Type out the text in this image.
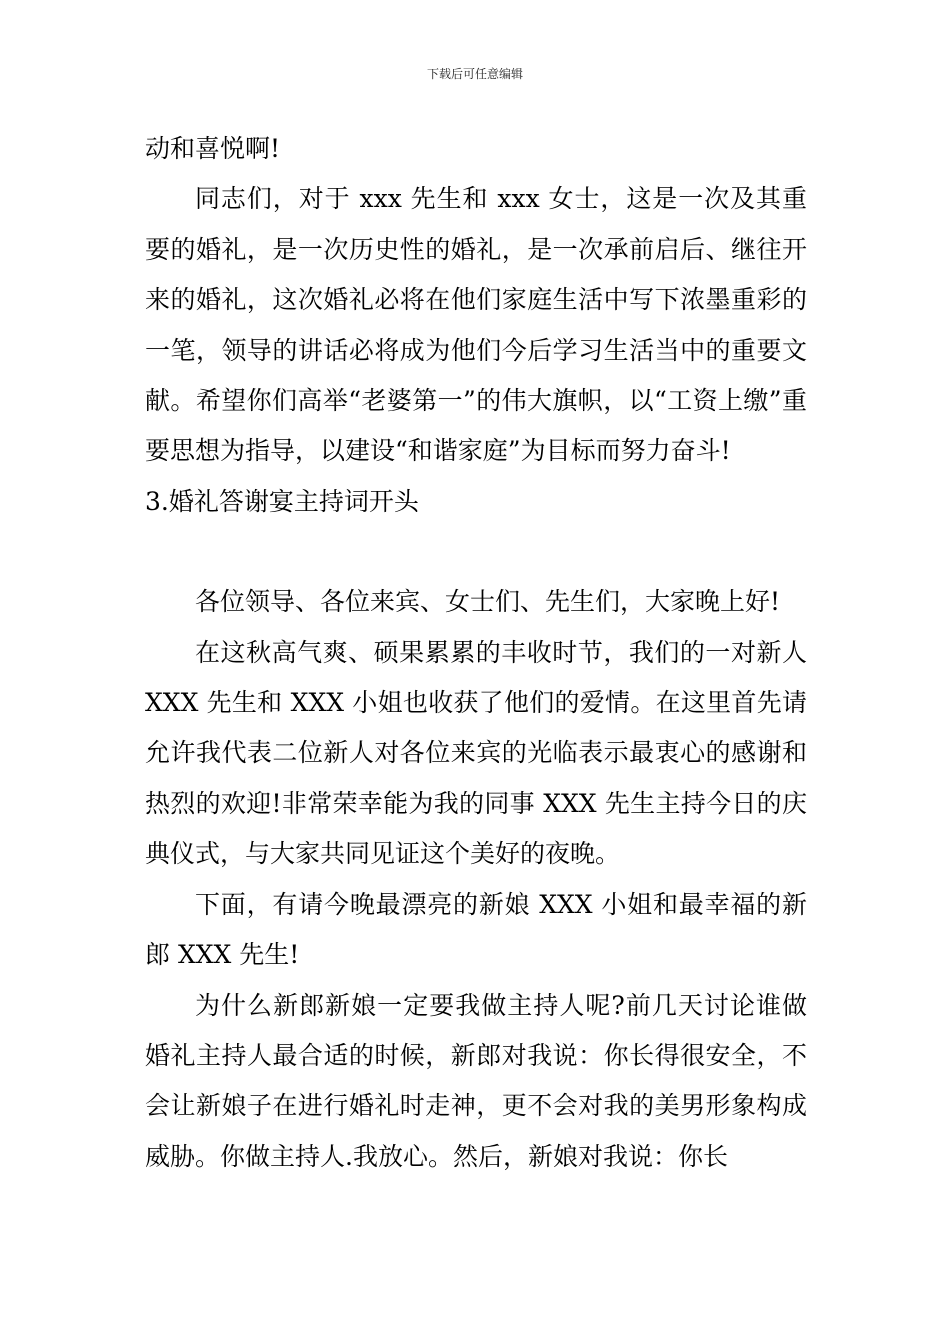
下载后可任意编辑

动和喜悦啊!

同志们，对于 xxx 先生和 xxx 女士，这是一次及其重要的婚礼，是一次历史性的婚礼，是一次承前启后、继往开来的婚礼，这次婚礼必将在他们家庭生活中写下浓墨重彩的一笔，领导的讲话必将成为他们今后学习生活当中的重要文献。希望你们高举“老婆第一”的伟大旗帜，以“工资上缴”重要思想为指导，以建设“和谐家庭”为目标而努力奋斗!

3.婚礼答谢宴主持词开头

各位领导、各位来宾、女士们、先生们，大家晚上好!

在这秋高气爽、硕果累累的丰收时节，我们的一对新人 XXX 先生和 XXX 小姐也收获了他们的爱情。在这里首先请允许我代表二位新人对各位来宾的光临表示最衷心的感谢和热烈的欢迎!非常荣幸能为我的同事 XXX 先生主持今日的庆典仪式，与大家共同见证这个美好的夜晚。

下面，有请今晚最漂亮的新娘 XXX 小姐和最幸福的新郎 XXX 先生!

为什么新郎新娘一定要我做主持人呢?前几天讨论谁做婚礼主持人最合适的时候，新郎对我说：你长得很安全，不会让新娘子在进行婚礼时走神，更不会对我的美男形象构成威胁。你做主持人.我放心。然后，新娘对我说：你长
